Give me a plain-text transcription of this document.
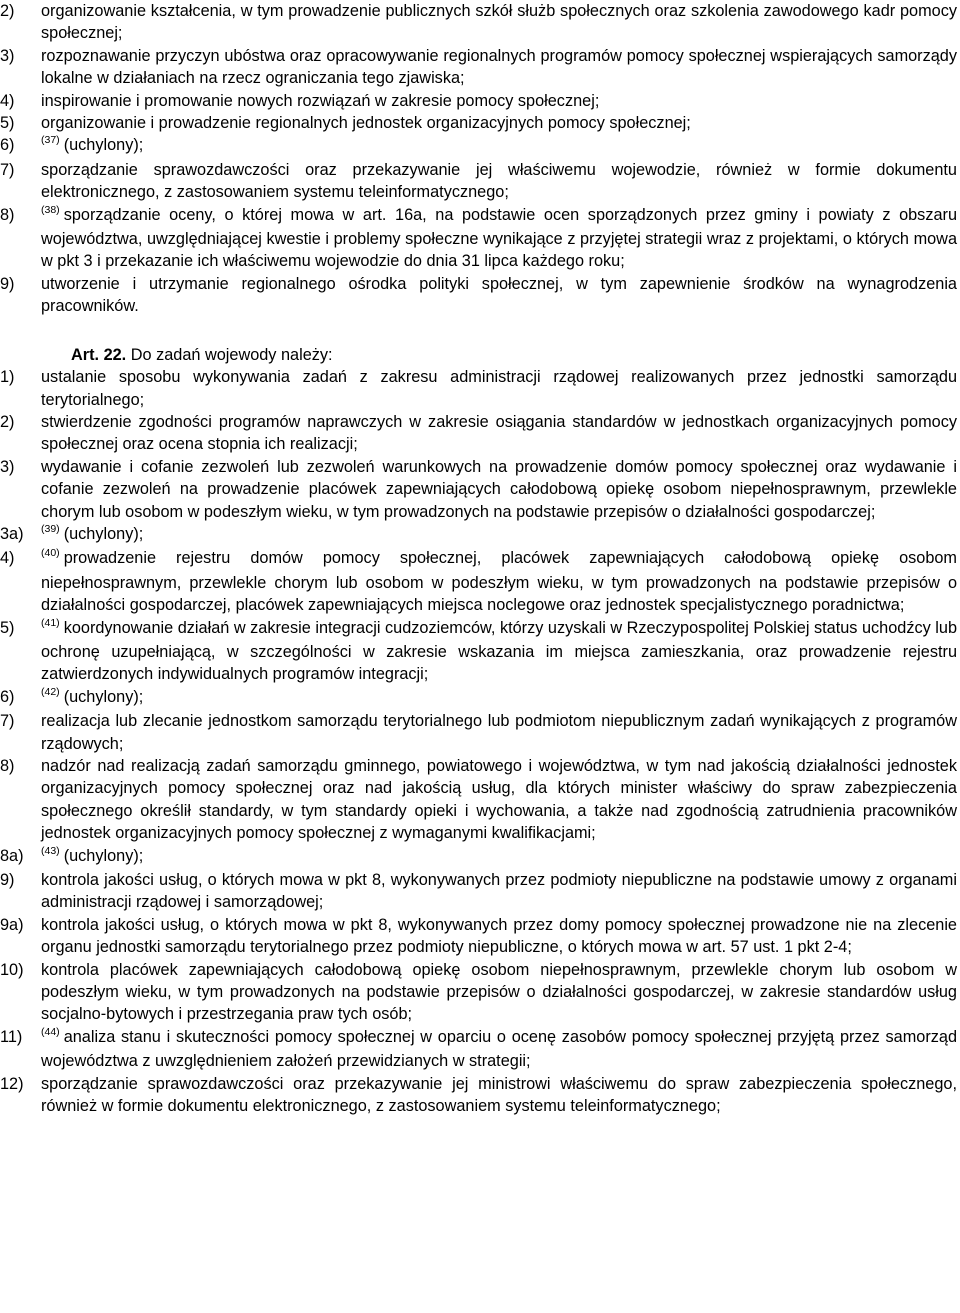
2)	organizowanie kształcenia, w tym prowadzenie publicznych szkół służb społecznych oraz szkolenia zawodowego kadr pomocy społecznej;
3)	rozpoznawanie przyczyn ubóstwa oraz opracowywanie regionalnych programów pomocy społecznej wspierających samorządy lokalne w działaniach na rzecz ograniczania tego zjawiska;
4)	inspirowanie i promowanie nowych rozwiązań w zakresie pomocy społecznej;
5)	organizowanie i prowadzenie regionalnych jednostek organizacyjnych pomocy społecznej;
6)	$^{(37)}$ (uchylony);
7)	sporządzanie sprawozdawczości oraz przekazywanie jej właściwemu wojewodzie, również w formie dokumentu elektronicznego, z zastosowaniem systemu teleinformatycznego;
8)	$^{(38)}$ sporządzanie oceny, o której mowa w art. 16a, na podstawie ocen sporządzonych przez gminy i powiaty z obszaru województwa, uwzględniającej kwestie i problemy społeczne wynikające z przyjętej strategii wraz z projektami, o których mowa w pkt 3 i przekazanie ich właściwemu wojewodzie do dnia 31 lipca każdego roku;
9)	utworzenie i utrzymanie regionalnego ośrodka polityki społecznej, w tym zapewnienie środków na wynagrodzenia pracowników.
Art. 22. Do zadań wojewody należy:
1)	ustalanie sposobu wykonywania zadań z zakresu administracji rządowej realizowanych przez jednostki samorządu terytorialnego;
2)	stwierdzenie zgodności programów naprawczych w zakresie osiągania standardów w jednostkach organizacyjnych pomocy społecznej oraz ocena stopnia ich realizacji;
3)	wydawanie i cofanie zezwoleń lub zezwoleń warunkowych na prowadzenie domów pomocy społecznej oraz wydawanie i cofanie zezwoleń na prowadzenie placówek zapewniających całodobową opiekę osobom niepełnosprawnym, przewlekle chorym lub osobom w podeszłym wieku, w tym prowadzonych na podstawie przepisów o działalności gospodarczej;
3a)	$^{(39)}$ (uchylony);
4)	$^{(40)}$ prowadzenie rejestru domów pomocy społecznej, placówek zapewniających całodobową opiekę osobom niepełnosprawnym, przewlekle chorym lub osobom w podeszłym wieku, w tym prowadzonych na podstawie przepisów o działalności gospodarczej, placówek zapewniających miejsca noclegowe oraz jednostek specjalistycznego poradnictwa;
5)	$^{(41)}$ koordynowanie działań w zakresie integracji cudzoziemców, którzy uzyskali w Rzeczypospolitej Polskiej status uchodźcy lub ochronę uzupełniającą, w szczególności w zakresie wskazania im miejsca zamieszkania, oraz prowadzenie rejestru zatwierdzonych indywidualnych programów integracji;
6)	$^{(42)}$ (uchylony);
7)	realizacja lub zlecanie jednostkom samorządu terytorialnego lub podmiotom niepublicznym zadań wynikających z programów rządowych;
8)	nadzór nad realizacją zadań samorządu gminnego, powiatowego i województwa, w tym nad jakością działalności jednostek organizacyjnych pomocy społecznej oraz nad jakością usług, dla których minister właściwy do spraw zabezpieczenia społecznego określił standardy, w tym standardy opieki i wychowania, a także nad zgodnością zatrudnienia pracowników jednostek organizacyjnych pomocy społecznej z wymaganymi kwalifikacjami;
8a)	$^{(43)}$ (uchylony);
9)	kontrola jakości usług, o których mowa w pkt 8, wykonywanych przez podmioty niepubliczne na podstawie umowy z organami administracji rządowej i samorządowej;
9a)	kontrola jakości usług, o których mowa w pkt 8, wykonywanych przez domy pomocy społecznej prowadzone nie na zlecenie organu jednostki samorządu terytorialnego przez podmioty niepubliczne, o których mowa w art. 57 ust. 1 pkt 2-4;
10)	kontrola placówek zapewniających całodobową opiekę osobom niepełnosprawnym, przewlekle chorym lub osobom w podeszłym wieku, w tym prowadzonych na podstawie przepisów o działalności gospodarczej, w zakresie standardów usług socjalno-bytowych i przestrzegania praw tych osób;
11)	$^{(44)}$ analiza stanu i skuteczności pomocy społecznej w oparciu o ocenę zasobów pomocy społecznej przyjętą przez samorząd województwa z uwzględnieniem założeń przewidzianych w strategii;
12)	sporządzanie sprawozdawczości oraz przekazywanie jej ministrowi właściwemu do spraw zabezpieczenia społecznego, również w formie dokumentu elektronicznego, z zastosowaniem systemu teleinformatycznego;
